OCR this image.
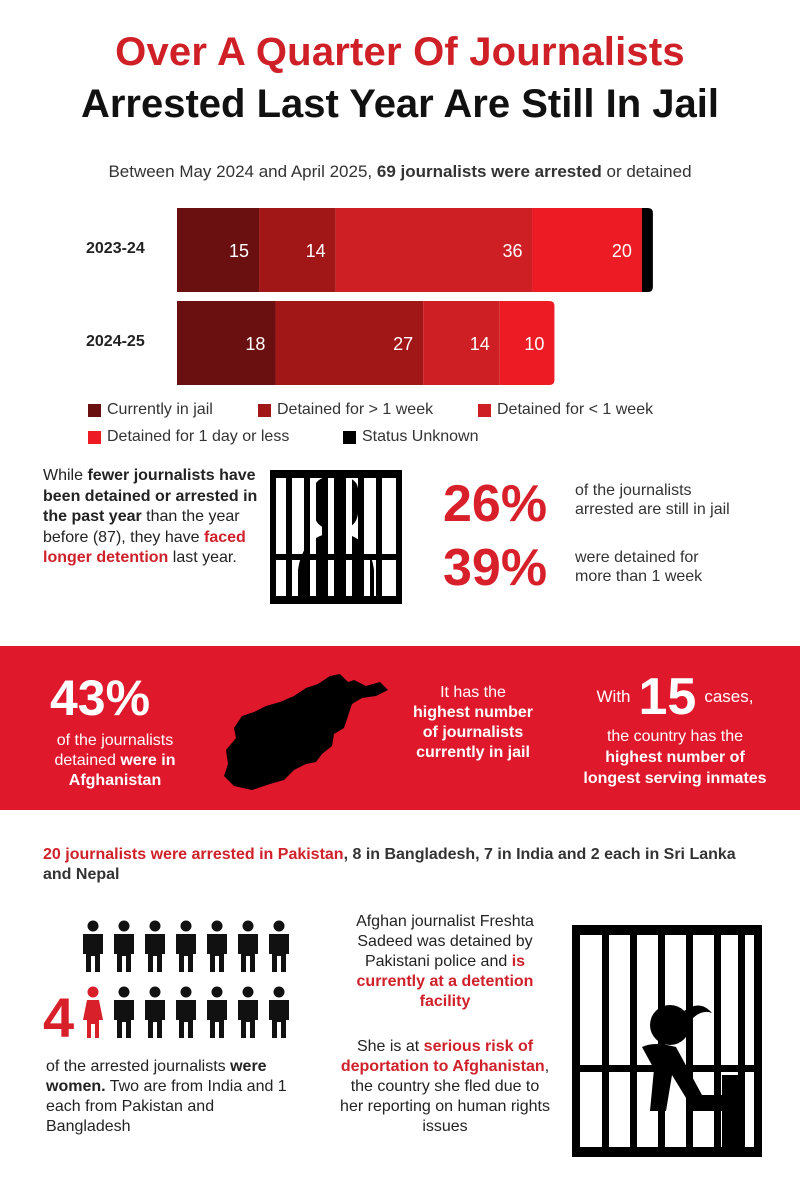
Over A Quarter Of Journalists
Arrested Last Year Are Still In Jail
Between May 2024 and April 2025, 69 journalists were arrested or detained
2023-24
2024-25
15	14	36	20
18	27	14 10
Currently in jail	Detained for > 1 week	Detained for < 1 week
Detained for 1 day or less	Status Unknown
While fewer journalists have been detained or arrested in the past year than the year before (87), they have faced longer detention last year.
26% of the journalists
arrested are still in jail
39% were detained for
more than 1 week
43%
of the journalists
detained were in
Afghanistan
It has the
highest number
of journalists
currently in jail
With 15 cases,
the country has the
highest number of
longest serving inmates
20 journalists were arrested in Pakistan, 8 in Bangladesh, 7 in India and 2 each in Sri Lanka and Nepal
4
of the arrested journalists were women. Two are from India and 1 each from Pakistan and Bangladesh
Afghan journalist Freshta Sadeed was detained by Pakistani police and is currently at a detention facility
She is at serious risk of deportation to Afghanistan, the country she fled due to her reporting on human rights issues
